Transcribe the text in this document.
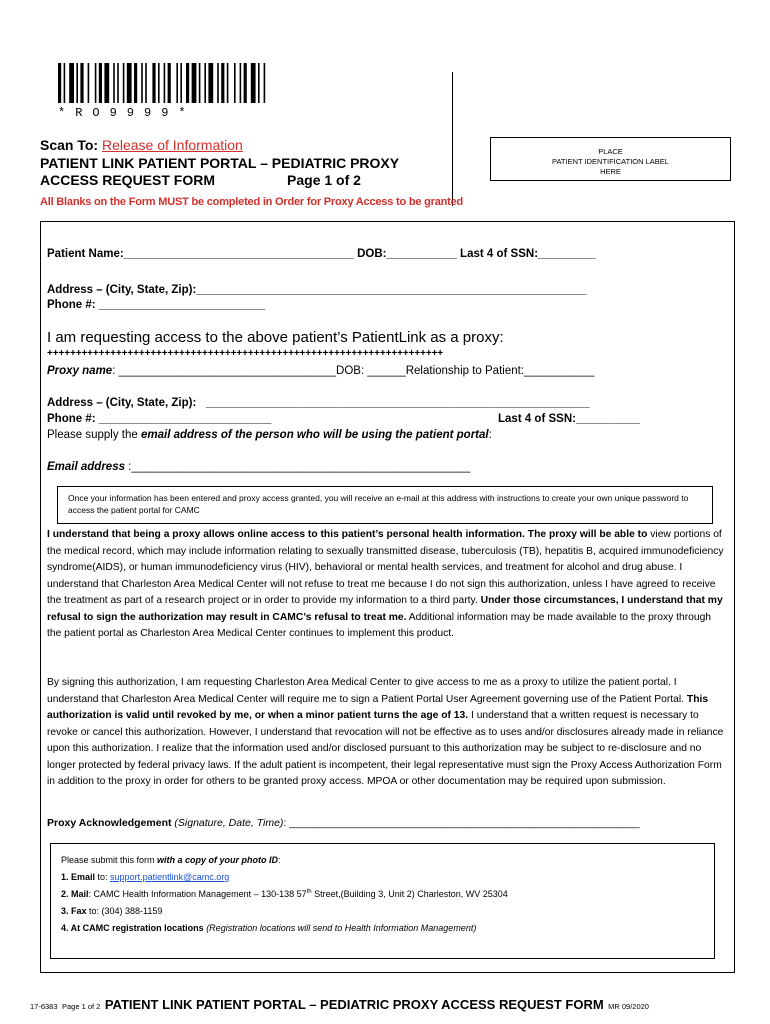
*RO9999*
Scan To: Release of Information
PATIENT LINK PATIENT PORTAL – PEDIATRIC PROXY
ACCESS REQUEST FORM	Page 1 of 2
PLACE
PATIENT IDENTIFICATION LABEL
HERE
All Blanks on the Form MUST be completed in Order for Proxy Access to be granted
Patient Name:____________________________________ DOB:___________ Last 4 of SSN:_________
Address – (City, State, Zip):_____________________________________________________________
Phone #: __________________________
I am requesting access to the above patient’s PatientLink as a proxy:
+++++++++++++++++++++++++++++++++++++++++++++++++++++++++++++++++++++
Proxy name: __________________________________DOB: ______Relationship to Patient:___________
Address – (City, State, Zip):   ____________________________________________________________
Phone #: ___________________________	Last 4 of SSN:__________
Please supply the email address of the person who will be using the patient portal:
Email address :_____________________________________________________
Once your information has been entered and proxy access granted, you will receive an e-mail at this address with instructions to create your own unique password to access the patient portal for CAMC
I understand that being a proxy allows online access to this patient’s personal health information. The proxy will be able to view portions of the medical record, which may include information relating to sexually transmitted disease, tuberculosis (TB), hepatitis B, acquired immunodeficiency syndrome(AIDS), or human immunodeficiency virus (HIV), behavioral or mental health services, and treatment for alcohol and drug abuse. I understand that Charleston Area Medical Center will not refuse to treat me because I do not sign this authorization, unless I have agreed to receive the treatment as part of a research project or in order to provide my information to a third party. Under those circumstances, I understand that my refusal to sign the authorization may result in CAMC’s refusal to treat me. Additional information may be made available to the proxy through the patient portal as Charleston Area Medical Center continues to implement this product.
By signing this authorization, I am requesting Charleston Area Medical Center to give access to me as a proxy to utilize the patient portal. I understand that Charleston Area Medical Center will require me to sign a Patient Portal User Agreement governing use of the Patient Portal. This authorization is valid until revoked by me, or when a minor patient turns the age of 13. I understand that a written request is necessary to revoke or cancel this authorization. However, I understand that revocation will not be effective as to uses and/or disclosures already made in reliance upon this authorization. I realize that the information used and/or disclosed pursuant to this authorization may be subject to re-disclosure and no longer protected by federal privacy laws. If the adult patient is incompetent, their legal representative must sign the Proxy Access Authorization Form in addition to the proxy in order for others to be granted proxy access. MPOA or other documentation may be required upon submission.
Proxy Acknowledgement (Signature, Date, Time): ____________________________________________________________
Please submit this form with a copy of your photo ID:
1. Email to: support.patientlink@camc.org
2. Mail: CAMC Health Information Management – 130-138 57th Street,(Building 3, Unit 2) Charleston, WV 25304
3. Fax to: (304) 388-1159
4. At CAMC registration locations (Registration locations will send to Health Information Management)
17-6383 Page 1 of 2 PATIENT LINK PATIENT PORTAL – PEDIATRIC PROXY ACCESS REQUEST FORM MR 09/2020
